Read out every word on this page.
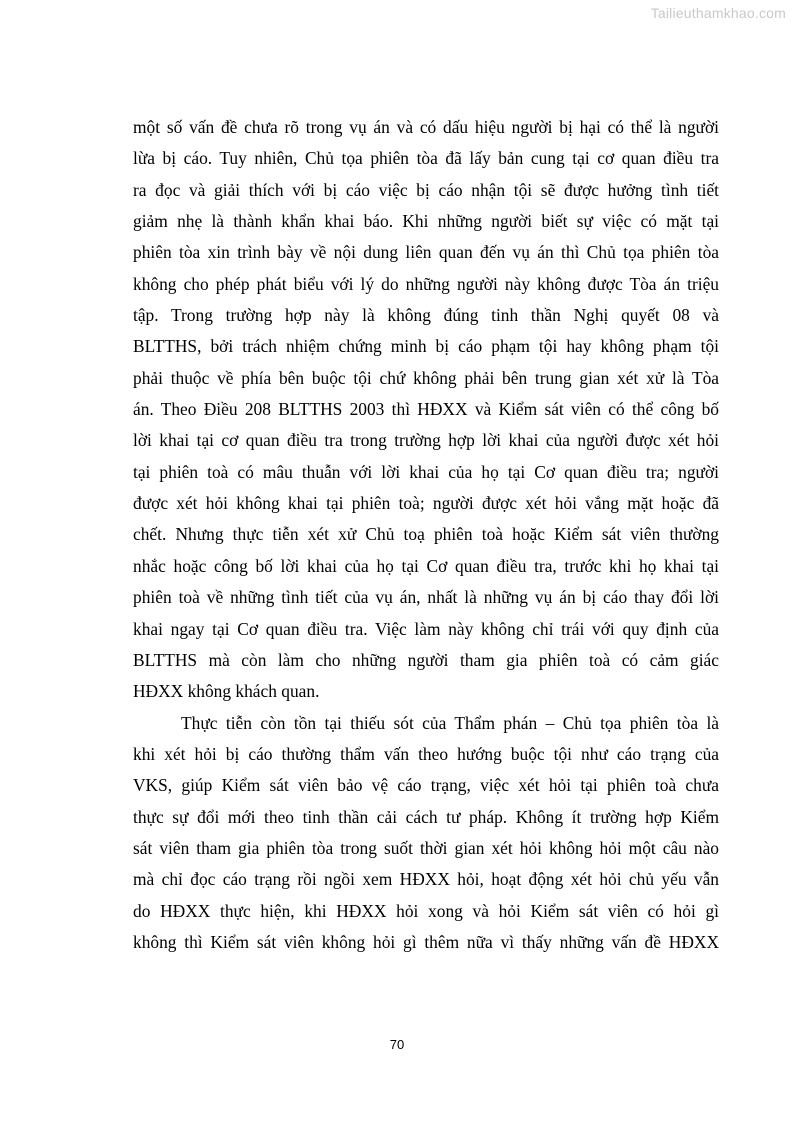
Tailieuthamkhao.com
một số vấn đề chưa rõ trong vụ án và có dấu hiệu người bị hại có thể là người
lừa bị cáo. Tuy nhiên, Chủ tọa phiên tòa đã lấy bản cung tại cơ quan điều tra
ra đọc và giải thích với bị cáo việc bị cáo nhận tội sẽ được hưởng tình tiết
giảm nhẹ là thành khẩn khai báo. Khi những người biết sự việc có mặt tại
phiên tòa xin trình bày về nội dung liên quan đến vụ án thì Chủ tọa phiên tòa
không cho phép phát biểu với lý do những người này không được Tòa án triệu
tập. Trong trường hợp này là không đúng tinh thần Nghị quyết 08 và
BLTTHS, bởi trách nhiệm chứng minh bị cáo phạm tội hay không phạm tội
phải thuộc về phía bên buộc tội chứ không phải bên trung gian xét xử là Tòa
án. Theo Điều 208 BLTTHS 2003 thì HĐXX và Kiểm sát viên có thể công bố
lời khai tại cơ quan điều tra trong trường hợp lời khai của người được xét hỏi
tại phiên toà có mâu thuẫn với lời khai của họ tại Cơ quan điều tra; người
được xét hỏi không khai tại phiên toà; người được xét hỏi vắng mặt hoặc đã
chết. Nhưng thực tiễn xét xử Chủ toạ phiên toà hoặc Kiểm sát viên thường
nhắc hoặc công bố lời khai của họ tại Cơ quan điều tra, trước khi họ khai tại
phiên toà về những tình tiết của vụ án, nhất là những vụ án bị cáo thay đổi lời
khai ngay tại Cơ quan điều tra. Việc làm này không chỉ trái với quy định của
BLTTHS mà còn làm cho những người tham gia phiên toà có cảm giác
HĐXX không khách quan.
Thực tiễn còn tồn tại thiếu sót của Thẩm phán – Chủ tọa phiên tòa là
khi xét hỏi bị cáo thường thẩm vấn theo hướng buộc tội như cáo trạng của
VKS, giúp Kiểm sát viên bảo vệ cáo trạng, việc xét hỏi tại phiên toà chưa
thực sự đổi mới theo tinh thần cải cách tư pháp. Không ít trường hợp Kiểm
sát viên tham gia phiên tòa trong suốt thời gian xét hỏi không hỏi một câu nào
mà chỉ đọc cáo trạng rồi ngồi xem HĐXX hỏi, hoạt động xét hỏi chủ yếu vẫn
do HĐXX thực hiện, khi HĐXX hỏi xong và hỏi Kiểm sát viên có hỏi gì
không thì Kiểm sát viên không hỏi gì thêm nữa vì thấy những vấn đề HĐXX
70
